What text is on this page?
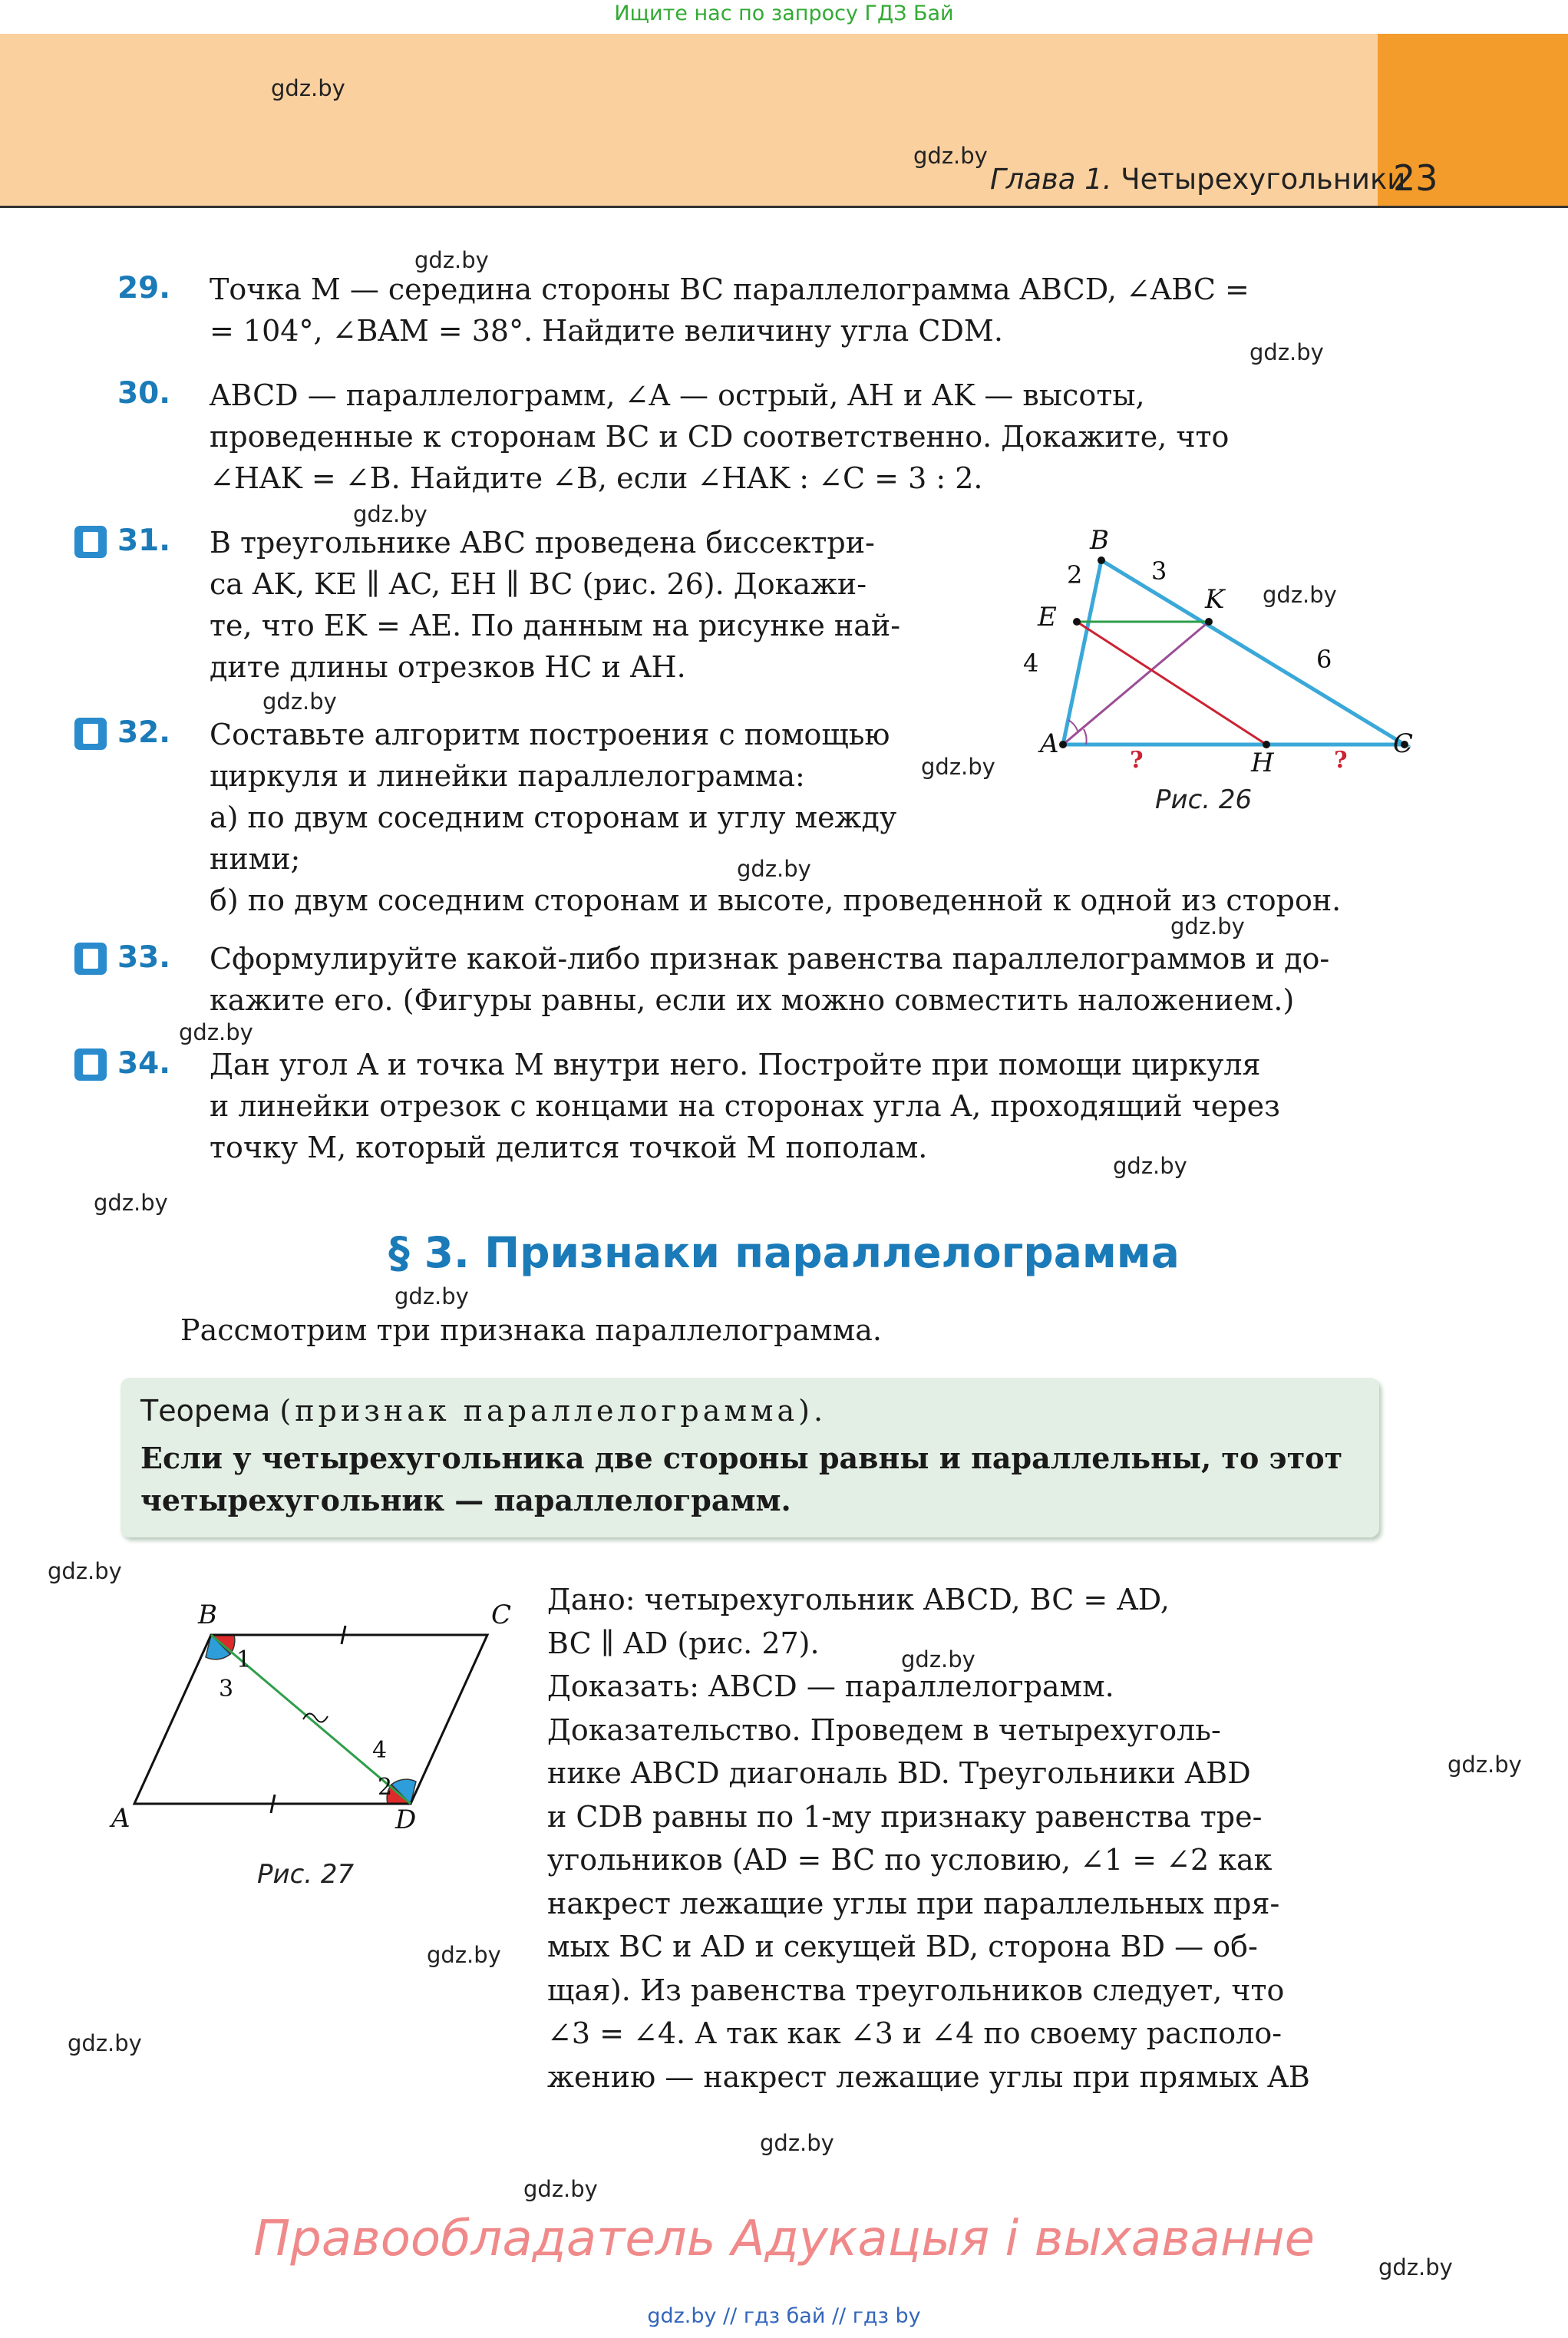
Ищите нас по запросу ГДЗ Бай
Глава 1. Четырехугольники
23
gdz.by
gdz.by
gdz.by
gdz.by
gdz.by
gdz.by
gdz.by
gdz.by
gdz.by
gdz.by
gdz.by
gdz.by
gdz.by
gdz.by
gdz.by
gdz.by
gdz.by
gdz.by
gdz.by
gdz.by
gdz.by
gdz.by
29. Точка M — середина стороны BC параллелограмма ABCD, ∠ABC =
= 104°, ∠BAM = 38°. Найдите величину угла CDM.
30. ABCD — параллелограмм, ∠A — острый, AH и AK — высоты,
проведенные к сторонам BC и CD соответственно. Докажите, что
∠HAK = ∠B. Найдите ∠B, если ∠HAK : ∠C = 3 : 2.
31. В треугольнике ABC проведена биссектри-
са AK, KE ∥ AC, EH ∥ BC (рис. 26). Докажи-
те, что EK = AE. По данным на рисунке най-
дите длины отрезков HC и AH.
32. Составьте алгоритм построения с помощью
циркуля и линейки параллелограмма:
а) по двум соседним сторонам и углу между
ними;
б) по двум соседним сторонам и высоте, проведенной к одной из сторон.
33. Сформулируйте какой-либо признак равенства параллелограммов и до-
кажите его. (Фигуры равны, если их можно совместить наложением.)
34. Дан угол A и точка M внутри него. Постройте при помощи циркуля
и линейки отрезок с концами на сторонах угла A, проходящий через
точку M, который делится точкой M пополам.
B
A	C
E
K
H
2	3
6
4
?	?
Рис. 26
§ 3. Признаки параллелограмма
Рассмотрим три признака параллелограмма.
Теорема (признак параллелограмма).
Если у четырехугольника две стороны равны и параллельны, то этот
четырехугольник — параллелограмм.
B	C
A	D
1
3
2
4
Рис. 27
Дано: четырехугольник ABCD, BC = AD,
BC ∥ AD (рис. 27).
Доказать: ABCD — параллелограмм.
Доказательство. Проведем в четырехуголь-
нике ABCD диагональ BD. Треугольники ABD
и CDB равны по 1-му признаку равенства тре-
угольников (AD = BC по условию, ∠1 = ∠2 как
накрест лежащие углы при параллельных пря-
мых BC и AD и секущей BD, сторона BD — об-
щая). Из равенства треугольников следует, что
∠3 = ∠4. А так как ∠3 и ∠4 по своему располо-
жению — накрест лежащие углы при прямых AB
Правообладатель Адукацыя і выхаванне
gdz.by // гдз бай // гдз by
